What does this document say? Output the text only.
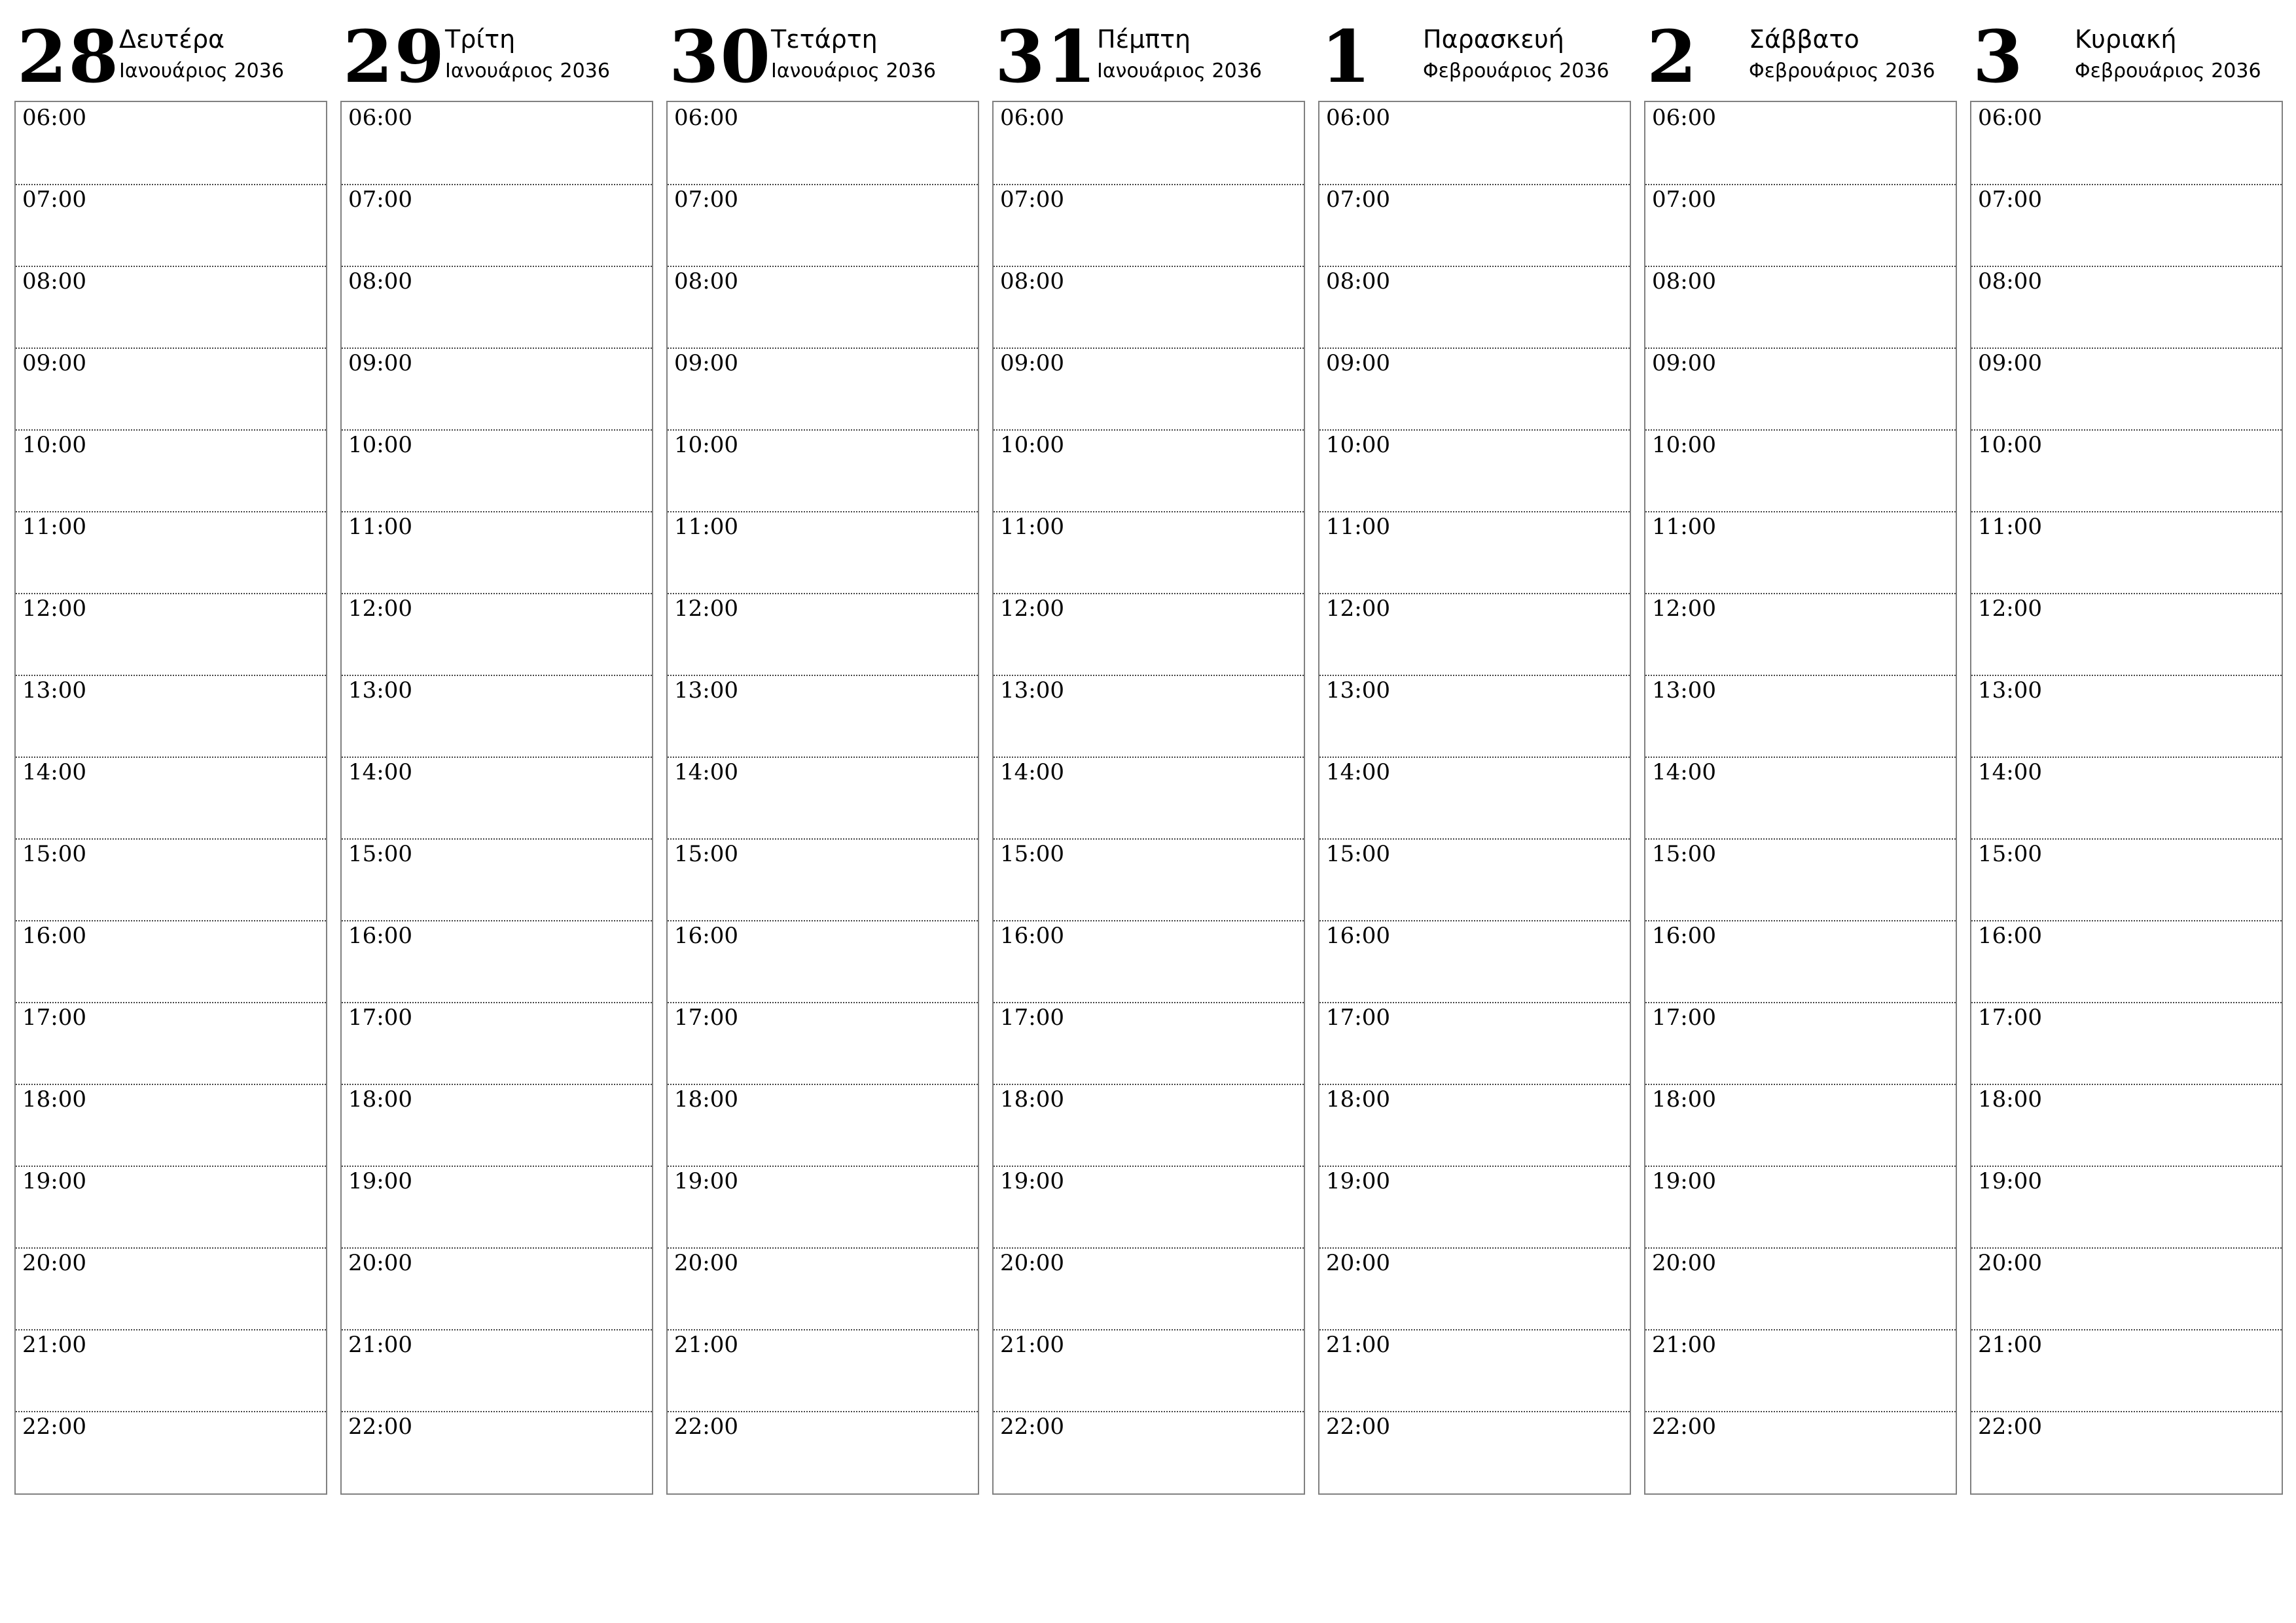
28
Δευτέρα
Ιανουάριος 2036
06:00
07:00
08:00
09:00
10:00
11:00
12:00
13:00
14:00
15:00
16:00
17:00
18:00
19:00
20:00
21:00
22:00
29
Τρίτη
Ιανουάριος 2036
06:00
07:00
08:00
09:00
10:00
11:00
12:00
13:00
14:00
15:00
16:00
17:00
18:00
19:00
20:00
21:00
22:00
30
Τετάρτη
Ιανουάριος 2036
06:00
07:00
08:00
09:00
10:00
11:00
12:00
13:00
14:00
15:00
16:00
17:00
18:00
19:00
20:00
21:00
22:00
31
Πέμπτη
Ιανουάριος 2036
06:00
07:00
08:00
09:00
10:00
11:00
12:00
13:00
14:00
15:00
16:00
17:00
18:00
19:00
20:00
21:00
22:00
1 Παρασκευή
Φεβρουάριος 2036
06:00
07:00
08:00
09:00
10:00
11:00
12:00
13:00
14:00
15:00
16:00
17:00
18:00
19:00
20:00
21:00
22:00
2 Σάββατο
Φεβρουάριος 2036
06:00
07:00
08:00
09:00
10:00
11:00
12:00
13:00
14:00
15:00
16:00
17:00
18:00
19:00
20:00
21:00
22:00
3 Κυριακή
Φεβρουάριος 2036
06:00
07:00
08:00
09:00
10:00
11:00
12:00
13:00
14:00
15:00
16:00
17:00
18:00
19:00
20:00
21:00
22:00
